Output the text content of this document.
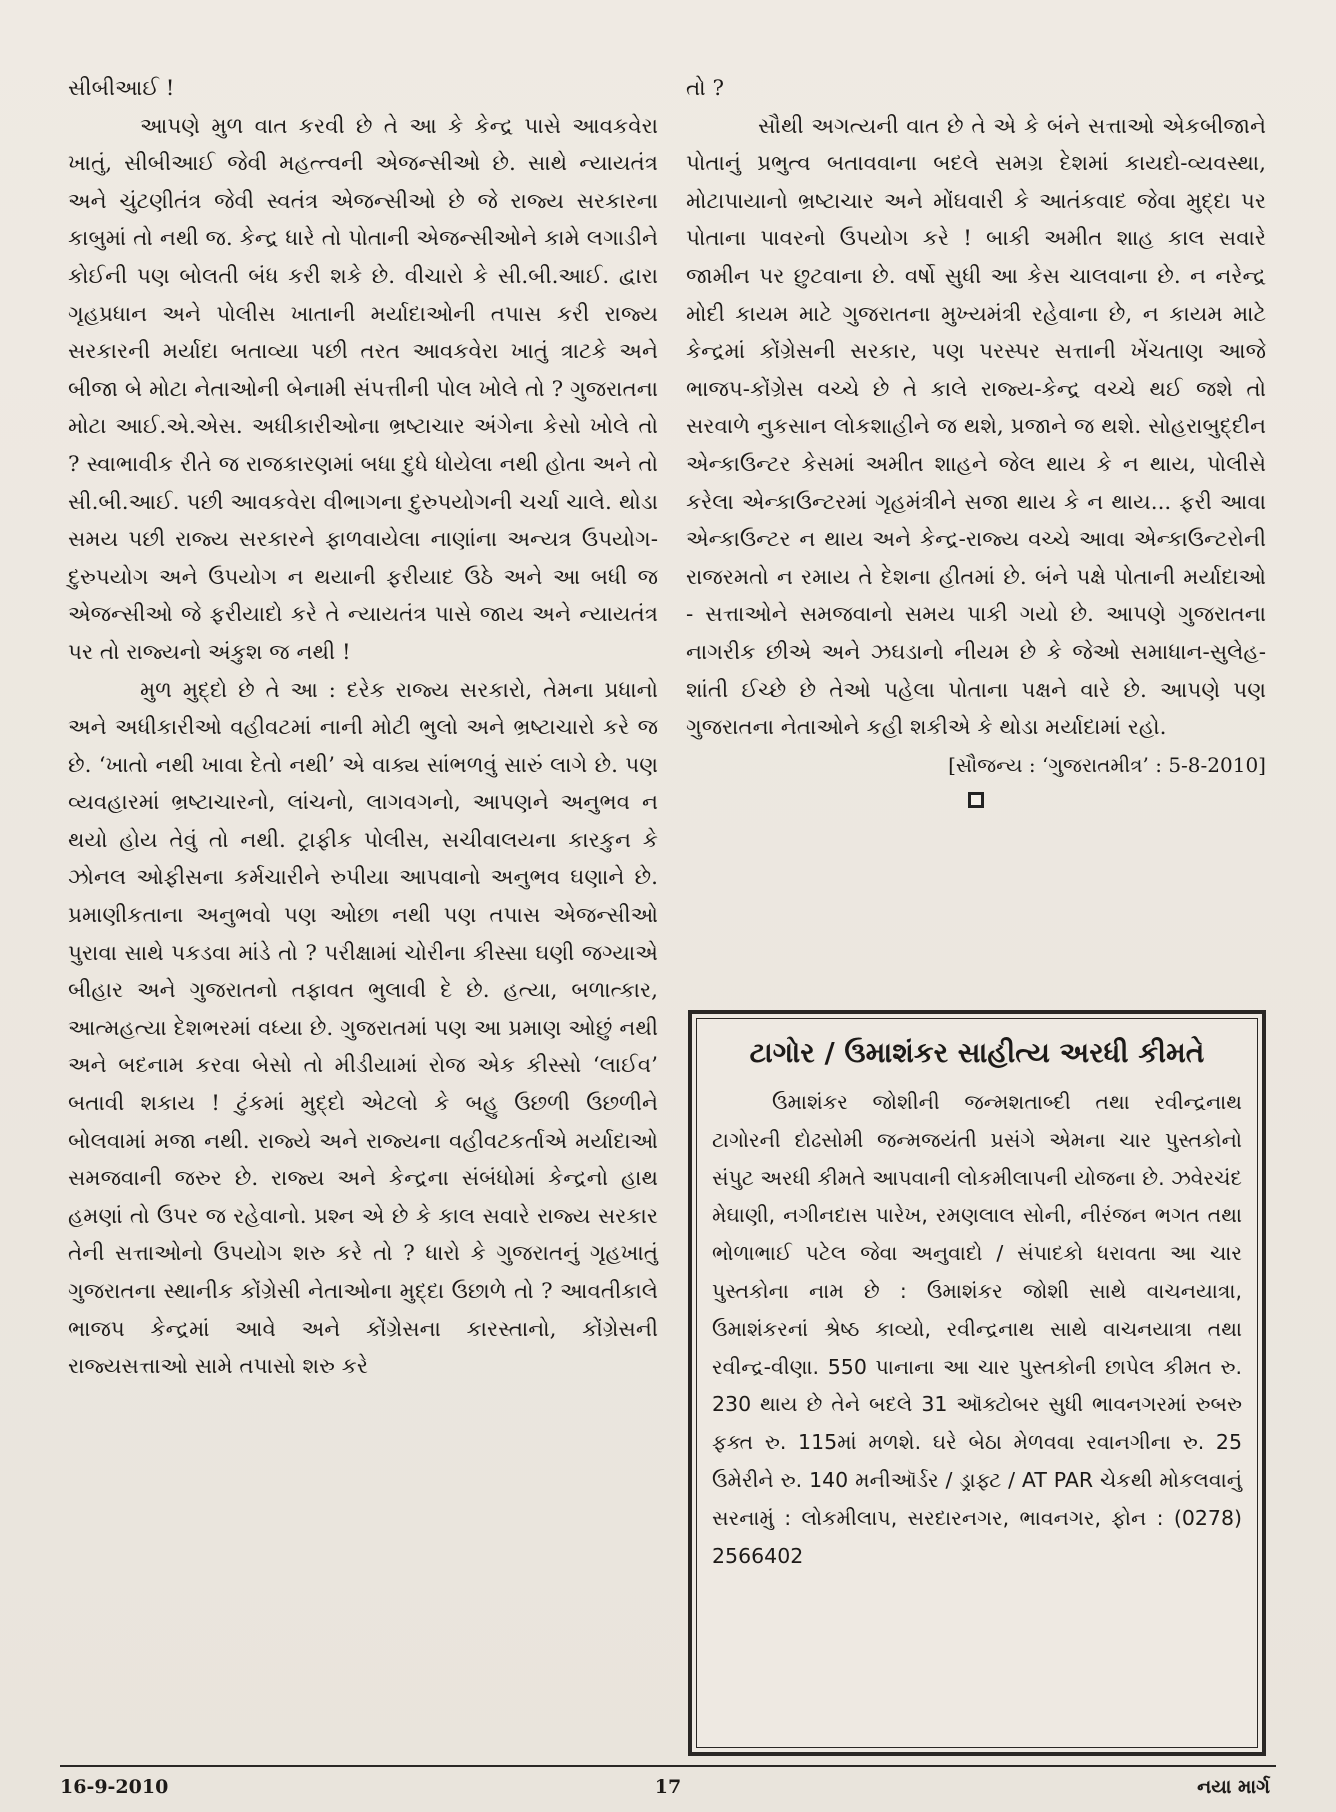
સીબીઆઈ !

આપણે મુળ વાત કરવી છે તે આ કે કેન્દ્ર પાસે આવકવેરા ખાતું, સીબીઆઈ જેવી મહત્ત્વની એજન્સીઓ છે. સાથે ન્યાયતંત્ર અને ચુંટણીતંત્ર જેવી સ્વતંત્ર એજન્સીઓ છે જે રાજ્ય સરકારના કાબુમાં તો નથી જ. કેન્દ્ર ધારે તો પોતાની એજન્સીઓને કામે લગાડીને કોઈની પણ બોલતી બંધ કરી શકે છે. વીચારો કે સી.બી.આઈ. દ્વારા ગૃહપ્રધાન અને પોલીસ ખાતાની મર્યાદાઓની તપાસ કરી રાજ્ય સરકારની મર્યાદા બતાવ્યા પછી તરત આવકવેરા ખાતું ત્રાટકે અને બીજા બે મોટા નેતાઓની બેનામી સંપત્તીની પોલ ખોલે તો ? ગુજરાતના મોટા આઈ.એ.એસ. અધીકારીઓના ભ્રષ્ટાચાર અંગેના કેસો ખોલે તો ? સ્વાભાવીક રીતે જ રાજકારણમાં બધા દુધે ધોયેલા નથી હોતા અને તો સી.બી.આઈ. પછી આવકવેરા વીભાગના દુરુપયોગની ચર્ચા ચાલે. થોડા સમય પછી રાજ્ય સરકારને ફાળવાયેલા નાણાંના અન્યત્ર ઉપયોગ-દુરુપયોગ અને ઉપયોગ ન થયાની ફરીયાદ ઉઠે અને આ બધી જ એજન્સીઓ જે ફરીયાદો કરે તે ન્યાયતંત્ર પાસે જાય અને ન્યાયતંત્ર પર તો રાજ્યનો અંકુશ જ નથી !

મુળ મુદ્દો છે તે આ : દરેક રાજ્ય સરકારો, તેમના પ્રધાનો અને અધીકારીઓ વહીવટમાં નાની મોટી ભુલો અને ભ્રષ્ટાચારો કરે જ છે. ‘ખાતો નથી ખાવા દેતો નથી’ એ વાક્ય સાંભળવું સારું લાગે છે. પણ વ્યવહારમાં ભ્રષ્ટાચારનો, લાંચનો, લાગવગનો, આપણને અનુભવ ન થયો હોય તેવું તો નથી. ટ્રાફીક પોલીસ, સચીવાલયના કારકુન કે ઝોનલ ઓફીસના કર્મચારીને રુપીયા આપવાનો અનુભવ ઘણાને છે. પ્રમાણીકતાના અનુભવો પણ ઓછા નથી પણ તપાસ એજન્સીઓ પુરાવા સાથે પકડવા માંડે તો ? પરીક્ષામાં ચોરીના કીસ્સા ઘણી જગ્યાએ બીહાર અને ગુજરાતનો તફાવત ભુલાવી દે છે. હત્યા, બળાત્કાર, આત્મહત્યા દેશભરમાં વધ્યા છે. ગુજરાતમાં પણ આ પ્રમાણ ઓછું નથી અને બદનામ કરવા બેસો તો મીડીયામાં રોજ એક કીસ્સો ‘લાઈવ’ બતાવી શકાય ! ટુંકમાં મુદ્દો એટલો કે બહુ ઉછળી ઉછળીને બોલવામાં મજા નથી. રાજ્યે અને રાજ્યના વહીવટકર્તાએ મર્યાદાઓ સમજવાની જરુર છે. રાજ્ય અને કેન્દ્રના સંબંધોમાં કેન્દ્રનો હાથ હમણાં તો ઉપર જ રહેવાનો. પ્રશ્ન એ છે કે કાલ સવારે રાજ્ય સરકાર તેની સત્તાઓનો ઉપયોગ શરુ કરે તો ? ધારો કે ગુજરાતનું ગૃહખાતું ગુજરાતના સ્થાનીક કોંગ્રેસી નેતાઓના મુદ્દા ઉછાળે તો ? આવતીકાલે ભાજપ કેન્દ્રમાં આવે અને કોંગ્રેસના કારસ્તાનો, કોંગ્રેસની રાજ્યસત્તાઓ સામે તપાસો શરુ કરે

તો ?

સૌથી અગત્યની વાત છે તે એ કે બંને સત્તાઓ એકબીજાને પોતાનું પ્રભુત્વ બતાવવાના બદલે સમગ્ર દેશમાં કાયદો-વ્યવસ્થા, મોટાપાયાનો ભ્રષ્ટાચાર અને મોંઘવારી કે આતંકવાદ જેવા મુદ્દા પર પોતાના પાવરનો ઉપયોગ કરે ! બાકી અમીત શાહ કાલ સવારે જામીન પર છુટવાના છે. વર્ષો સુધી આ કેસ ચાલવાના છે. ન નરેન્દ્ર મોદી કાયમ માટે ગુજરાતના મુખ્યમંત્રી રહેવાના છે, ન કાયમ માટે કેન્દ્રમાં કોંગ્રેસની સરકાર, પણ પરસ્પર સત્તાની ખેંચતાણ આજે ભાજપ-કોંગ્રેસ વચ્ચે છે તે કાલે રાજ્ય-કેન્દ્ર વચ્ચે થઈ જશે તો સરવાળે નુકસાન લોકશાહીને જ થશે, પ્રજાને જ થશે. સોહરાબુદ્દીન એન્કાઉન્ટર કેસમાં અમીત શાહને જેલ થાય કે ન થાય, પોલીસે કરેલા એન્કાઉન્ટરમાં ગૃહમંત્રીને સજા થાય કે ન થાય... ફરી આવા એન્કાઉન્ટર ન થાય અને કેન્દ્ર-રાજ્ય વચ્ચે આવા એન્કાઉન્ટરોની રાજરમતો ન રમાય તે દેશના હીતમાં છે. બંને પક્ષે પોતાની મર્યાદાઓ - સત્તાઓને સમજવાનો સમય પાકી ગયો છે. આપણે ગુજરાતના નાગરીક છીએ અને ઝઘડાનો નીયમ છે કે જેઓ સમાધાન-સુલેહ- શાંતી ઈચ્છે છે તેઓ પહેલા પોતાના પક્ષને વારે છે. આપણે પણ ગુજરાતના નેતાઓને કહી શકીએ કે થોડા મર્યાદામાં રહો.

[સૌજન્ય : ‘ગુજરાતમીત્ર’ : 5-8-2010]

ટાગોર / ઉમાશંકર સાહીત્ય અરધી કીમતે

ઉમાશંકર જોશીની જન્મશતાબ્દી તથા રવીન્દ્રનાથ ટાગોરની દોઢસોમી જન્મજયંતી પ્રસંગે એમના ચાર પુસ્તકોનો સંપુટ અરધી કીમતે આપવાની લોકમીલાપની યોજના છે. ઝવેરચંદ મેઘાણી, નગીનદાસ પારેખ, રમણલાલ સોની, નીરંજન ભગત તથા ભોળાભાઈ પટેલ જેવા અનુવાદો / સંપાદકો ધરાવતા આ ચાર પુસ્તકોના નામ છે : ઉમાશંકર જોશી સાથે વાચનયાત્રા, ઉમાશંકરનાં શ્રેષ્ઠ કાવ્યો, રવીન્દ્રનાથ સાથે વાચનયાત્રા તથા રવીન્દ્ર-વીણા. 550 પાનાના આ ચાર પુસ્તકોની છાપેલ કીમત રુ. 230 થાય છે તેને બદલે 31 ઑક્ટોબર સુધી ભાવનગરમાં રુબરુ ફક્ત રુ. 115માં મળશે. ઘરે બેઠા મેળવવા રવાનગીના રુ. 25 ઉમેરીને રુ. 140 મનીઑર્ડર / ડ્રાફ્ટ / AT PAR ચેકથી મોકલવાનું સરનામું : લોકમીલાપ, સરદારનગર, ભાવનગર, ફોન : (0278) 2566402

16-9-2010	17	નયા માર્ગ
